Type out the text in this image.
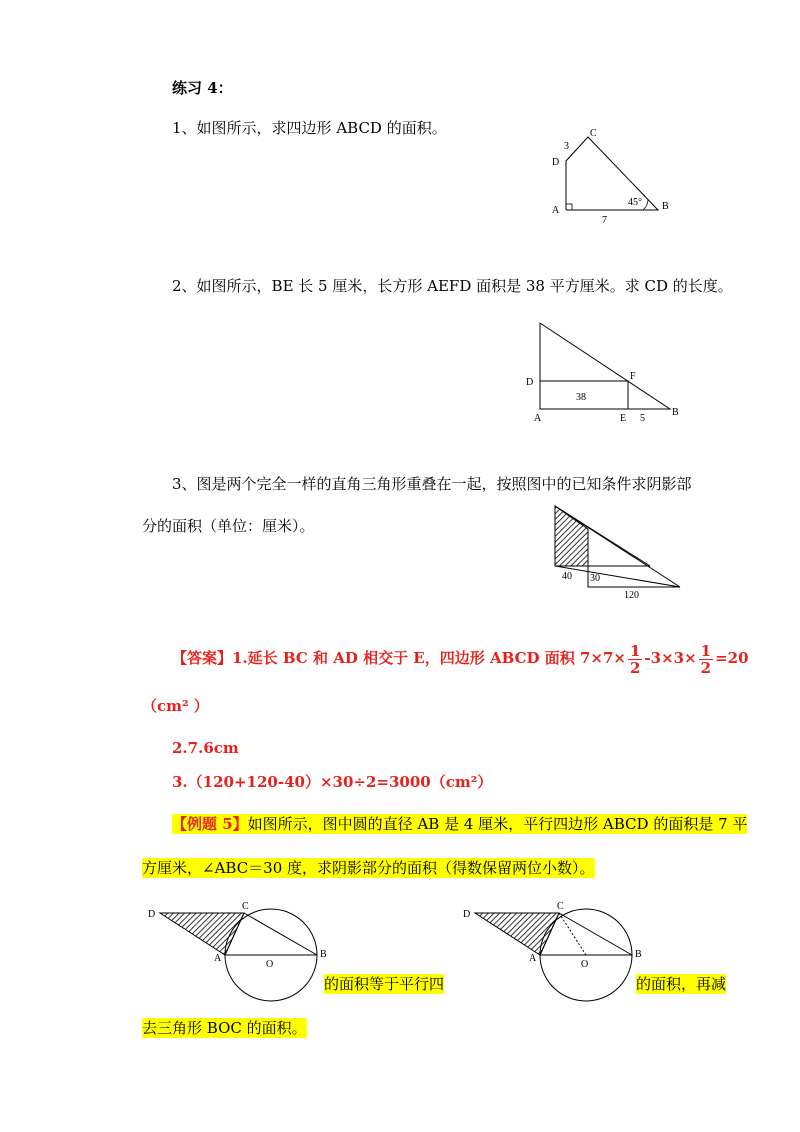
练习 4：
1、如图所示，求四边形 ABCD 的面积。	C
D
A	B
3
45°
7
2、如图所示，BE 长 5 厘米，长方形 AEFD 面积是 38 平方厘米。求 CD 的长度。
D
F
A	E
B
38
5
3、图是两个完全一样的直角三角形重叠在一起，按照图中的已知条件求阴影部
分的面积（单位：厘米）。
40 30
120
【答案】1.延长 BC 和 AD 相交于 E，四边形 ABCD 面积 $7\times 7\times \frac{1}{2} -3\times 3\times \frac{1}{2} =20$
（cm² ）
2.7.6cm
3.（120+120-40）×30÷2=3000（cm²）
【例题 5】如图所示，图中圆的直径 AB 是 4 厘米，平行四边形 ABCD 的面积是 7 平
方厘米，∠ABC＝30 度，求阴影部分的面积（得数保留两位小数）。
D
C
A
O
B
D
C
A
O
B
的面积等于平行四	的面积，再减
去三角形 BOC 的面积。
